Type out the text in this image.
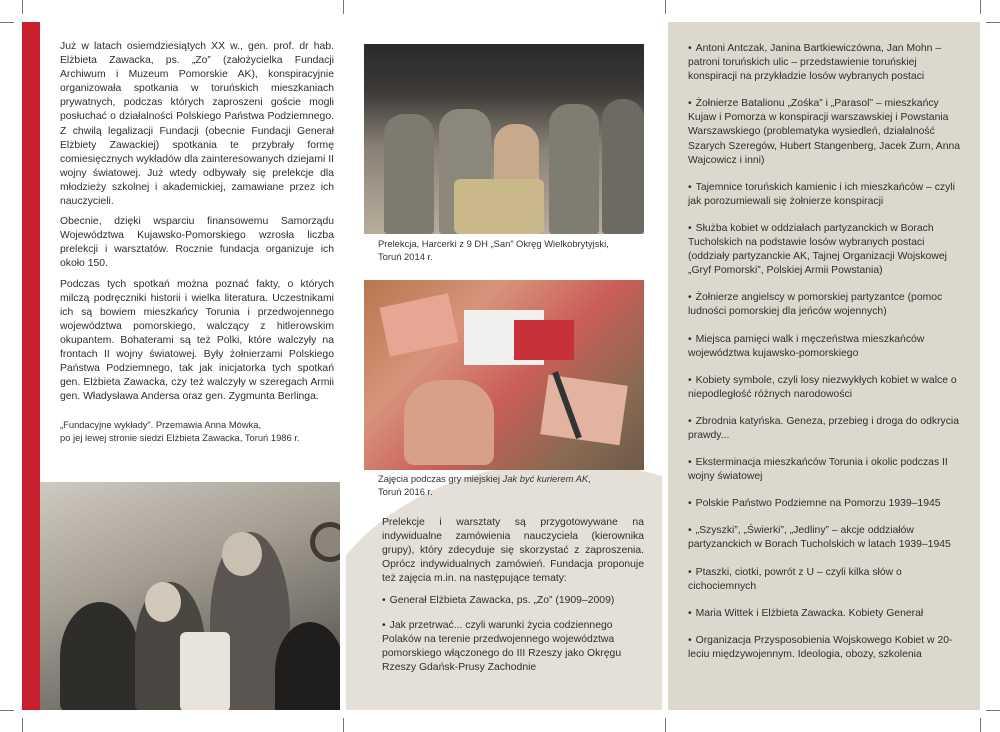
Już w latach osiemdziesiątych XX w., gen. prof. dr hab. Elżbieta Zawacka, ps. „Zo” (założycielka Fundacji Archiwum i Muzeum Pomorskie AK), konspiracyjnie organizowała spotkania w toruńskich mieszkaniach prywatnych, podczas których zaproszeni goście mogli posłuchać o działalności Polskiego Państwa Podziemnego. Z chwilą legalizacji Fundacji (obecnie Fundacji Generał Elżbiety Zawackiej) spotkania te przybrały formę comiesięcznych wykładów dla zainteresowanych dziejami II wojny światowej. Już wtedy odbywały się prelekcje dla młodzieży szkolnej i akademickiej, zamawiane przez ich nauczycieli.

Obecnie, dzięki wsparciu finansowemu Samorządu Województwa Kujawsko-Pomorskiego wzrosła liczba prelekcji i warsztatów. Rocznie fundacja organizuje ich około 150.

Podczas tych spotkań można poznać fakty, o których milczą podręczniki historii i wielka literatura. Uczestnikami ich są bowiem mieszkańcy Torunia i przedwojennego województwa pomorskiego, walczący z hitlerowskim okupantem. Bohaterami są też Polki, które walczyły na frontach II wojny światowej. Były żołnierzami Polskiego Państwa Podziemnego, tak jak inicjatorka tych spotkań gen. Elżbieta Zawacka, czy też walczyły w szeregach Armii gen. Władysława Andersa oraz gen. Zygmunta Berlinga.

„Fundacyjne wykłady”. Przemawia Anna Mówka,
po jej lewej stronie siedzi Elżbieta Zawacka, Toruń 1986 r.
Prelekcja, Harcerki z 9 DH „San” Okręg Wielkobrytyjski,
Toruń 2014 r.
Zajęcia podczas gry miejskiej Jak być kurierem AK,
Toruń 2016 r.

Prelekcje i warsztaty są przygotowywane na indywidualne zamówienia nauczyciela (kierownika grupy), który zdecyduje się skorzystać z zaproszenia. Oprócz indywidualnych zamówień. Fundacja proponuje też zajęcia m.in. na następujące tematy:

• Generał Elżbieta Zawacka, ps. „Zo” (1909–2009)
• Jak przetrwać... czyli warunki życia codziennego Polaków na terenie przedwojennego województwa pomorskiego włączonego do III Rzeszy jako Okręgu Rzeszy Gdańsk-Prusy Zachodnie
• Antoni Antczak, Janina Bartkiewiczówna, Jan Mohn – patroni toruńskich ulic – przedstawienie toruńskiej konspiracji na przykładzie losów wybranych postaci
• Żołnierze Batalionu „Zośka” i „Parasol” – mieszkańcy Kujaw i Pomorza w konspiracji warszawskiej i Powstania Warszawskiego (problematyka wysiedleń, działalność Szarych Szeregów, Hubert Stangenberg, Jacek Zurn, Anna Wajcowicz i inni)
• Tajemnice toruńskich kamienic i ich mieszkańców – czyli jak porozumiewali się żołnierze konspiracji
• Służba kobiet w oddziałach partyzanckich w Borach Tucholskich na podstawie losów wybranych postaci (oddziały partyzanckie AK, Tajnej Organizacji Wojskowej „Gryf Pomorski”, Polskiej Armii Powstania)
• Żołnierze angielscy w pomorskiej partyzantce (pomoc ludności pomorskiej dla jeńców wojennych)
• Miejsca pamięci walk i męczeństwa mieszkańców województwa kujawsko-pomorskiego
• Kobiety symbole, czyli losy niezwykłych kobiet w walce o niepodległość różnych narodowości
• Zbrodnia katyńska. Geneza, przebieg i droga do odkrycia prawdy...
• Eksterminacja mieszkańców Torunia i okolic podczas II wojny światowej
• Polskie Państwo Podziemne na Pomorzu 1939–1945
• „Szyszki”, „Świerki”, „Jedliny” – akcje oddziałów partyzanckich w Borach Tucholskich w latach 1939–1945
• Ptaszki, ciotki, powrót z U – czyli kilka słów o cichociemnych
• Maria Wittek i Elżbieta Zawacka. Kobiety Generał
• Organizacja Przysposobienia Wojskowego Kobiet w 20-leciu międzywojennym. Ideologia, obozy, szkolenia
